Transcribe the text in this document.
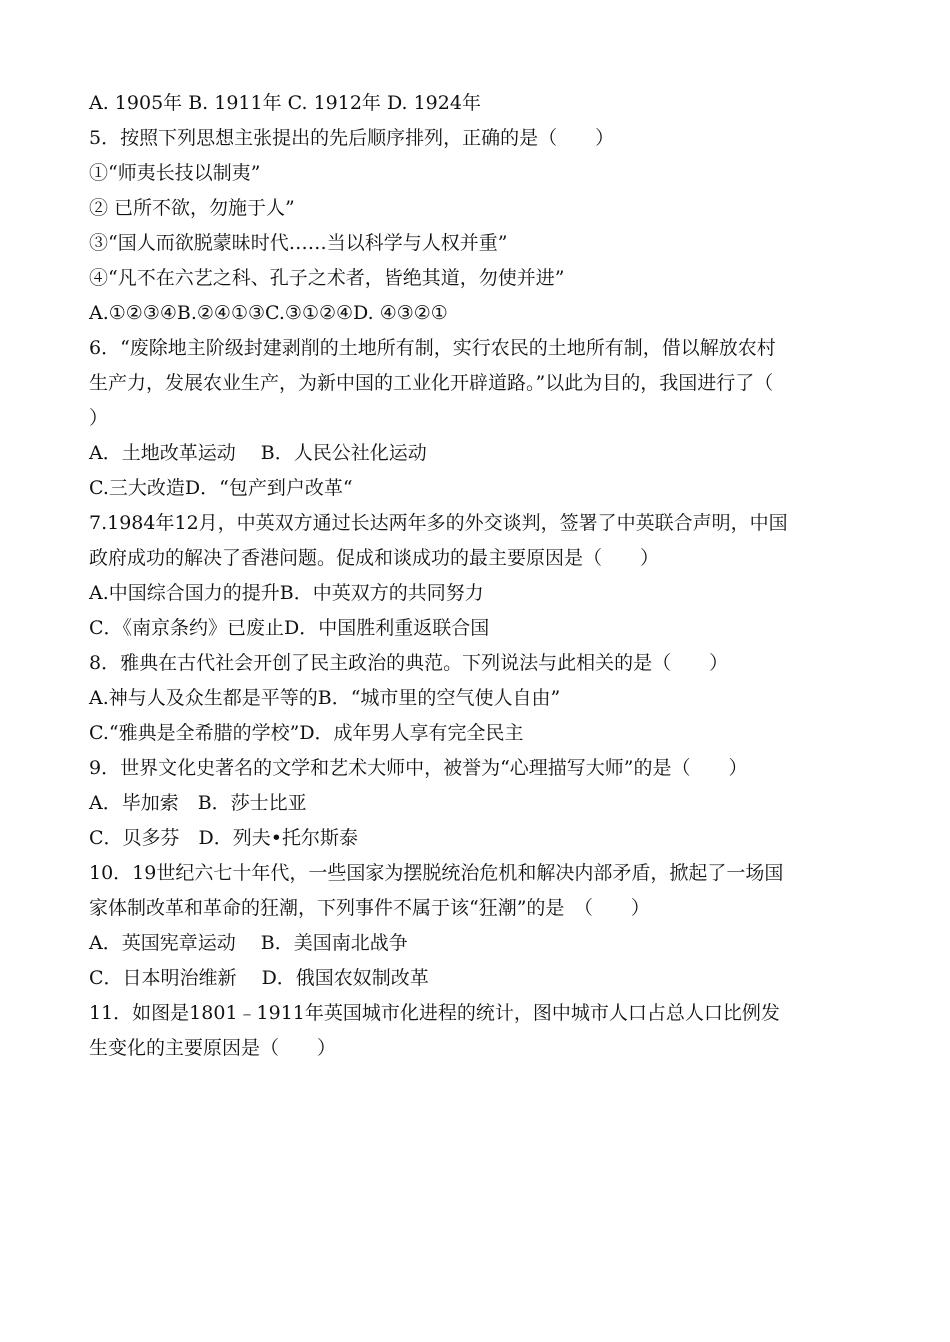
A. 1905年 B. 1911年 C. 1912年 D. 1924年
5．按照下列思想主张提出的先后顺序排列，正确的是（　　）
①“师夷长技以制夷”
② 已所不欲，勿施于人”
③“国人而欲脱蒙昧时代……当以科学与人权并重”
④“凡不在六艺之科、孔子之术者，皆绝其道，勿使并进”
A.①②③④B.②④①③C.③①②④D. ④③②①
6．“废除地主阶级封建剥削的土地所有制，实行农民的土地所有制，借以解放农村
生产力，发展农业生产，为新中国的工业化开辟道路。”以此为目的，我国进行了（
）
A．土地改革运动　 B．人民公社化运动
C.三大改造D．“包产到户改革“
7.1984年12月，中英双方通过长达两年多的外交谈判，签署了中英联合声明，中国
政府成功的解决了香港问题。促成和谈成功的最主要原因是（　　）
A.中国综合国力的提升B．中英双方的共同努力
C．《南京条约》已废止D．中国胜利重返联合国
8．雅典在古代社会开创了民主政治的典范。下列说法与此相关的是（　　）
A.神与人及众生都是平等的B．“城市里的空气使人自由”
C.“雅典是全希腊的学校”D．成年男人享有完全民主
9．世界文化史著名的文学和艺术大师中，被誉为“心理描写大师”的是（　　）
A．毕加索　B．莎士比亚
C．贝多芬　D．列夫•托尔斯泰
10．19世纪六七十年代，一些国家为摆脱统治危机和解决内部矛盾，掀起了一场国
家体制改革和革命的狂潮，下列事件不属于该“狂潮”的是　（　　）
A．英国宪章运动　 B．美国南北战争
C．日本明治维新　 D．俄国农奴制改革
11．如图是1801﹣1911年英国城市化进程的统计，图中城市人口占总人口比例发
生变化的主要原因是（　　）
